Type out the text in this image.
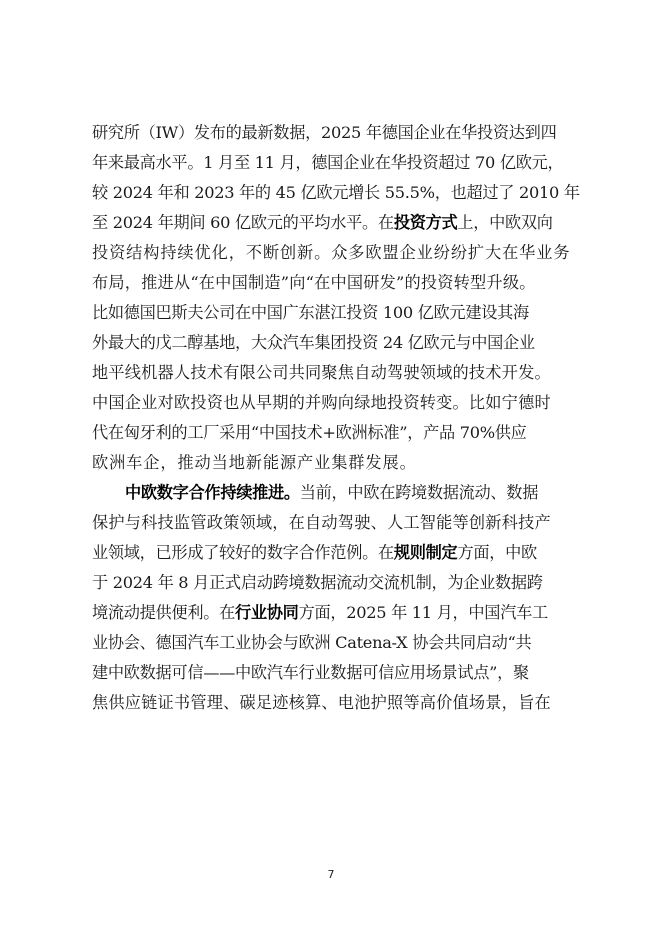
研究所（IW）发布的最新数据，2025 年德国企业在华投资达到四
年来最高水平。1 月至 11 月，德国企业在华投资超过 70 亿欧元，
较 2024 年和 2023 年的 45 亿欧元增长 55.5%，也超过了 2010 年
至 2024 年期间 60 亿欧元的平均水平。在投资方式上，中欧双向
投资结构持续优化，不断创新。众多欧盟企业纷纷扩大在华业务
布局，推进从“在中国制造”向“在中国研发”的投资转型升级。
比如德国巴斯夫公司在中国广东湛江投资 100 亿欧元建设其海
外最大的戊二醇基地，大众汽车集团投资 24 亿欧元与中国企业
地平线机器人技术有限公司共同聚焦自动驾驶领域的技术开发。
中国企业对欧投资也从早期的并购向绿地投资转变。比如宁德时
代在匈牙利的工厂采用“中国技术+欧洲标准”，产品 70%供应
欧洲车企，推动当地新能源产业集群发展。
中欧数字合作持续推进。当前，中欧在跨境数据流动、数据
保护与科技监管政策领域，在自动驾驶、人工智能等创新科技产
业领域，已形成了较好的数字合作范例。在规则制定方面，中欧
于 2024 年 8 月正式启动跨境数据流动交流机制，为企业数据跨
境流动提供便利。在行业协同方面，2025 年 11 月，中国汽车工
业协会、德国汽车工业协会与欧洲 Catena-X 协会共同启动“共
建中欧数据可信——中欧汽车行业数据可信应用场景试点”，聚
焦供应链证书管理、碳足迹核算、电池护照等高价值场景，旨在
7
